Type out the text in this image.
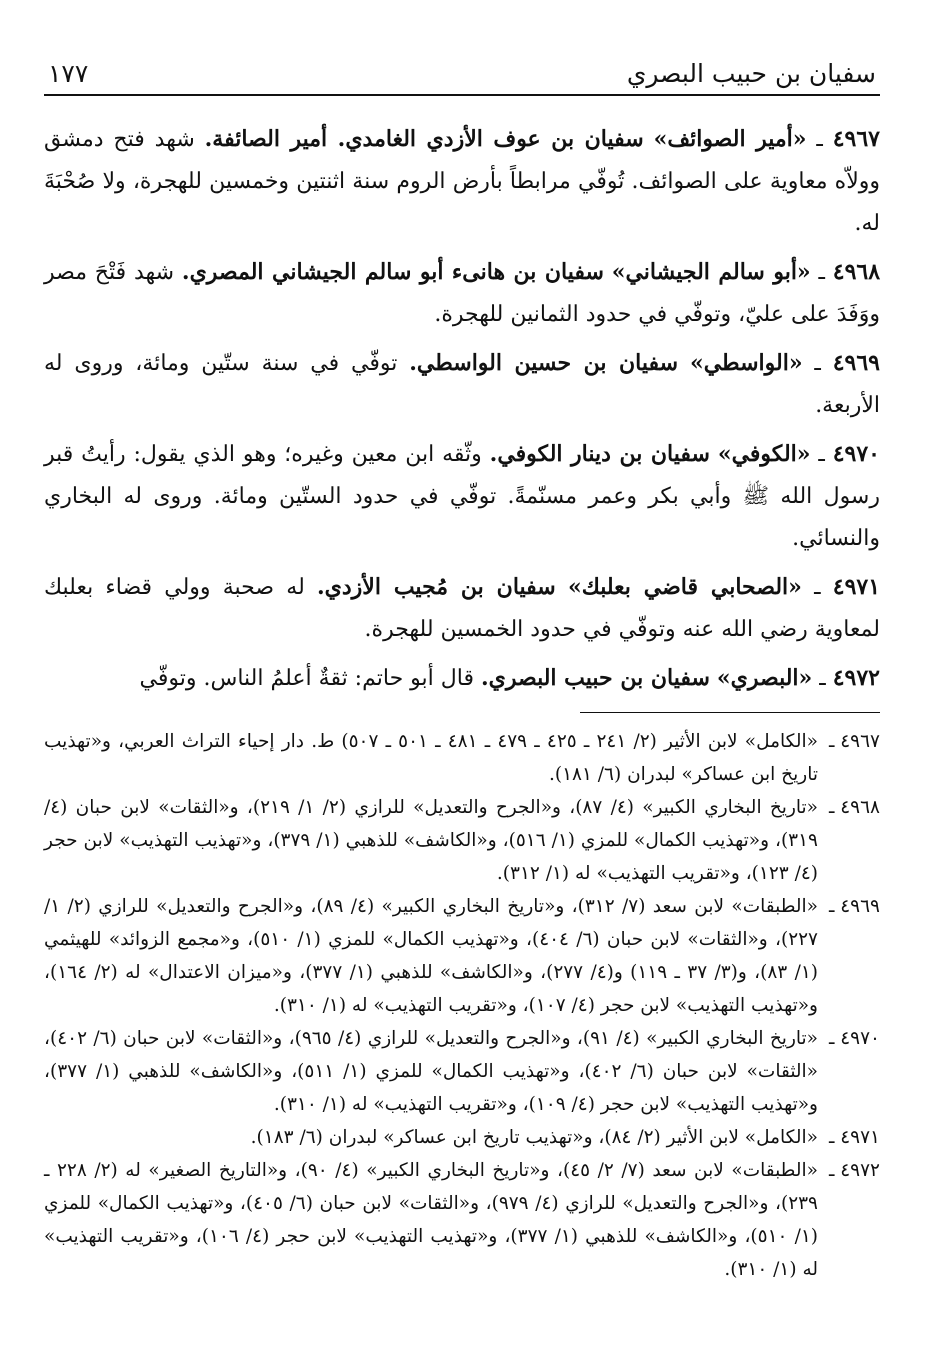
سفيان بن حبيب البصري
١٧٧

٤٩٦٧ ـ «أمير الصوائف» سفيان بن عوف الأزدي الغامدي. أمير الصائفة. شهد فتح دمشق وولاّه معاوية على الصوائف. تُوفّي مرابطاً بأرض الروم سنة اثنتين وخمسين للهجرة، ولا صُحْبَةَ له.

٤٩٦٨ ـ «أبو سالم الجيشاني» سفيان بن هانىء أبو سالم الجيشاني المصري. شهد فَتْحَ مصر ووَفَدَ على عليّ، وتوفّي في حدود الثمانين للهجرة.

٤٩٦٩ ـ «الواسطي» سفيان بن حسين الواسطي. توفّي في سنة ستّين ومائة، وروى له الأربعة.

٤٩٧٠ ـ «الكوفي» سفيان بن دينار الكوفي. وثّقه ابن معين وغيره؛ وهو الذي يقول: رأيتُ قبر رسول الله ﷺ وأبي بكر وعمر مسنّمةً. توفّي في حدود الستّين ومائة. وروى له البخاري والنسائي.

٤٩٧١ ـ «الصحابي قاضي بعلبك» سفيان بن مُجيب الأزدي. له صحبة وولي قضاء بعلبك لمعاوية رضي الله عنه وتوفّي في حدود الخمسين للهجرة.

٤٩٧٢ ـ «البصري» سفيان بن حبيب البصري. قال أبو حاتم: ثقةٌ أعلمُ الناس. وتوفّي

٤٩٦٧ ـ
«الكامل» لابن الأثير (٢/ ٢٤١ ـ ٤٢٥ ـ ٤٧٩ ـ ٤٨١ ـ ٥٠١ ـ ٥٠٧) ط. دار إحياء التراث العربي، و«تهذيب تاريخ ابن عساكر» لبدران (٦/ ١٨١).
٤٩٦٨ ـ
«تاريخ البخاري الكبير» (٤/ ٨٧)، و«الجرح والتعديل» للرازي (٢/ ١/ ٢١٩)، و«الثقات» لابن حبان (٤/ ٣١٩)، و«تهذيب الكمال» للمزي (١/ ٥١٦)، و«الكاشف» للذهبي (١/ ٣٧٩)، و«تهذيب التهذيب» لابن حجر (٤/ ١٢٣)، و«تقريب التهذيب» له (١/ ٣١٢).
٤٩٦٩ ـ
«الطبقات» لابن سعد (٧/ ٣١٢)، و«تاريخ البخاري الكبير» (٤/ ٨٩)، و«الجرح والتعديل» للرازي (٢/ ١/ ٢٢٧)، و«الثقات» لابن حبان (٦/ ٤٠٤)، و«تهذيب الكمال» للمزي (١/ ٥١٠)، و«مجمع الزوائد» للهيثمي (١/ ٨٣)، و(٣/ ٣٧ ـ ١١٩) و(٤/ ٢٧٧)، و«الكاشف» للذهبي (١/ ٣٧٧)، و«ميزان الاعتدال» له (٢/ ١٦٤)، و«تهذيب التهذيب» لابن حجر (٤/ ١٠٧)، و«تقريب التهذيب» له (١/ ٣١٠).
٤٩٧٠ ـ
«تاريخ البخاري الكبير» (٤/ ٩١)، و«الجرح والتعديل» للرازي (٤/ ٩٦٥)، و«الثقات» لابن حبان (٦/ ٤٠٢)، «الثقات» لابن حبان (٦/ ٤٠٢)، و«تهذيب الكمال» للمزي (١/ ٥١١)، و«الكاشف» للذهبي (١/ ٣٧٧)، و«تهذيب التهذيب» لابن حجر (٤/ ١٠٩)، و«تقريب التهذيب» له (١/ ٣١٠).
٤٩٧١ ـ
«الكامل» لابن الأثير (٢/ ٨٤)، و«تهذيب تاريخ ابن عساكر» لبدران (٦/ ١٨٣).
٤٩٧٢ ـ
«الطبقات» لابن سعد (٧/ ٢/ ٤٥)، و«تاريخ البخاري الكبير» (٤/ ٩٠)، و«التاريخ الصغير» له (٢/ ٢٢٨ ـ ٢٣٩)، و«الجرح والتعديل» للرازي (٤/ ٩٧٩)، و«الثقات» لابن حبان (٦/ ٤٠٥)، و«تهذيب الكمال» للمزي (١/ ٥١٠)، و«الكاشف» للذهبي (١/ ٣٧٧)، و«تهذيب التهذيب» لابن حجر (٤/ ١٠٦)، و«تقريب التهذيب» له (١/ ٣١٠).
